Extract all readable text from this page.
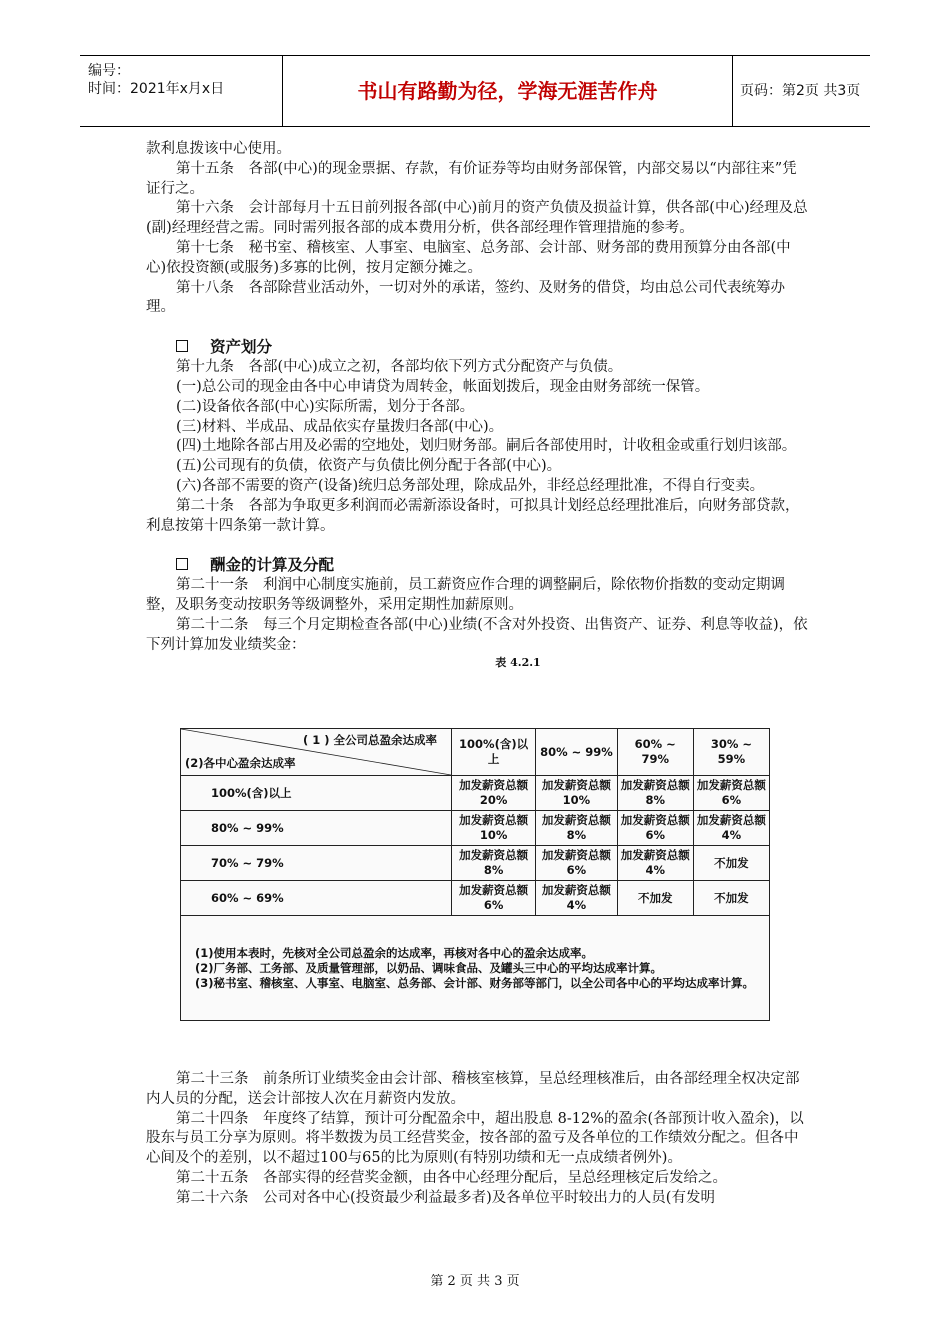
编号：
时间：2021年x月x日	书山有路勤为径，学海无涯苦作舟	页码：第2页 共3页

款利息拨该中心使用。

第十五条　各部(中心)的现金票据、存款，有价证券等均由财务部保管，内部交易以“内部往来”凭证行之。

第十六条　会计部每月十五日前列报各部(中心)前月的资产负债及损益计算，供各部(中心)经理及总(副)经理经营之需。同时需列报各部的成本费用分析，供各部经理作管理措施的参考。

第十七条　秘书室、稽核室、人事室、电脑室、总务部、会计部、财务部的费用预算分由各部(中心)依投资额(或服务)多寡的比例，按月定额分摊之。

第十八条　各部除营业活动外，一切对外的承诺，签约、及财务的借贷，均由总公司代表统筹办理。

资产划分

第十九条　各部(中心)成立之初，各部均依下列方式分配资产与负债。

(一)总公司的现金由各中心申请贷为周转金，帐面划拨后，现金由财务部统一保管。

(二)设备依各部(中心)实际所需，划分于各部。

(三)材料、半成品、成品依实存量拨归各部(中心)。

(四)土地除各部占用及必需的空地处，划归财务部。嗣后各部使用时，计收租金或重行划归该部。

(五)公司现有的负债，依资产与负债比例分配于各部(中心)。

(六)各部不需要的资产(设备)统归总务部处理，除成品外，非经总经理批准，不得自行变卖。

第二十条　各部为争取更多利润而必需新添设备时，可拟具计划经总经理批准后，向财务部贷款，利息按第十四条第一款计算。

酬金的计算及分配

第二十一条　利润中心制度实施前，员工薪资应作合理的调整嗣后，除依物价指数的变动定期调整，及职务变动按职务等级调整外，采用定期性加薪原则。

第二十二条　每三个月定期检查各部(中心)业绩(不含对外投资、出售资产、证券、利息等收益)，依下列计算加发业绩奖金：

表 4.2.1
( 1 ) 全公司总盈余达成率
(2)各中心盈余达成率	100%(含)以　上	80% ~ 99%	60% ~ 79%	30% ~ 59%
100%(含)以上	加发薪资总额 20%	加发薪资总额 10%	加发薪资总额 8%	加发薪资总额 6%
80% ~ 99%	加发薪资总额 10%	加发薪资总额 8%	加发薪资总额 6%	加发薪资总额 4%
70% ~ 79%	加发薪资总额 8%	加发薪资总额 6%	加发薪资总额 4%	不加发
60% ~ 69%	加发薪资总额 6%	加发薪资总额 4%	不加发	不加发

(1)使用本表时，先核对全公司总盈余的达成率，再核对各中心的盈余达成率。
(2)厂务部、工务部、及质量管理部，以奶品、调味食品、及罐头三中心的平均达成率计算。
(3)秘书室、稽核室、人事室、电脑室、总务部、会计部、财务部等部门，以全公司各中心的平均达成率计算。				

第二十三条　前条所订业绩奖金由会计部、稽核室核算，呈总经理核准后，由各部经理全权决定部内人员的分配，送会计部按人次在月薪资内发放。

第二十四条　年度终了结算，预计可分配盈余中，超出股息 8-12%的盈余(各部预计收入盈余)，以股东与员工分享为原则。将半数拨为员工经营奖金，按各部的盈亏及各单位的工作绩效分配之。但各中心间及个的差别，以不超过100与65的比为原则(有特别功绩和无一点成绩者例外)。

第二十五条　各部实得的经营奖金额，由各中心经理分配后，呈总经理核定后发给之。

第二十六条　公司对各中心(投资最少利益最多者)及各单位平时较出力的人员(有发明

第 2 页 共 3 页
